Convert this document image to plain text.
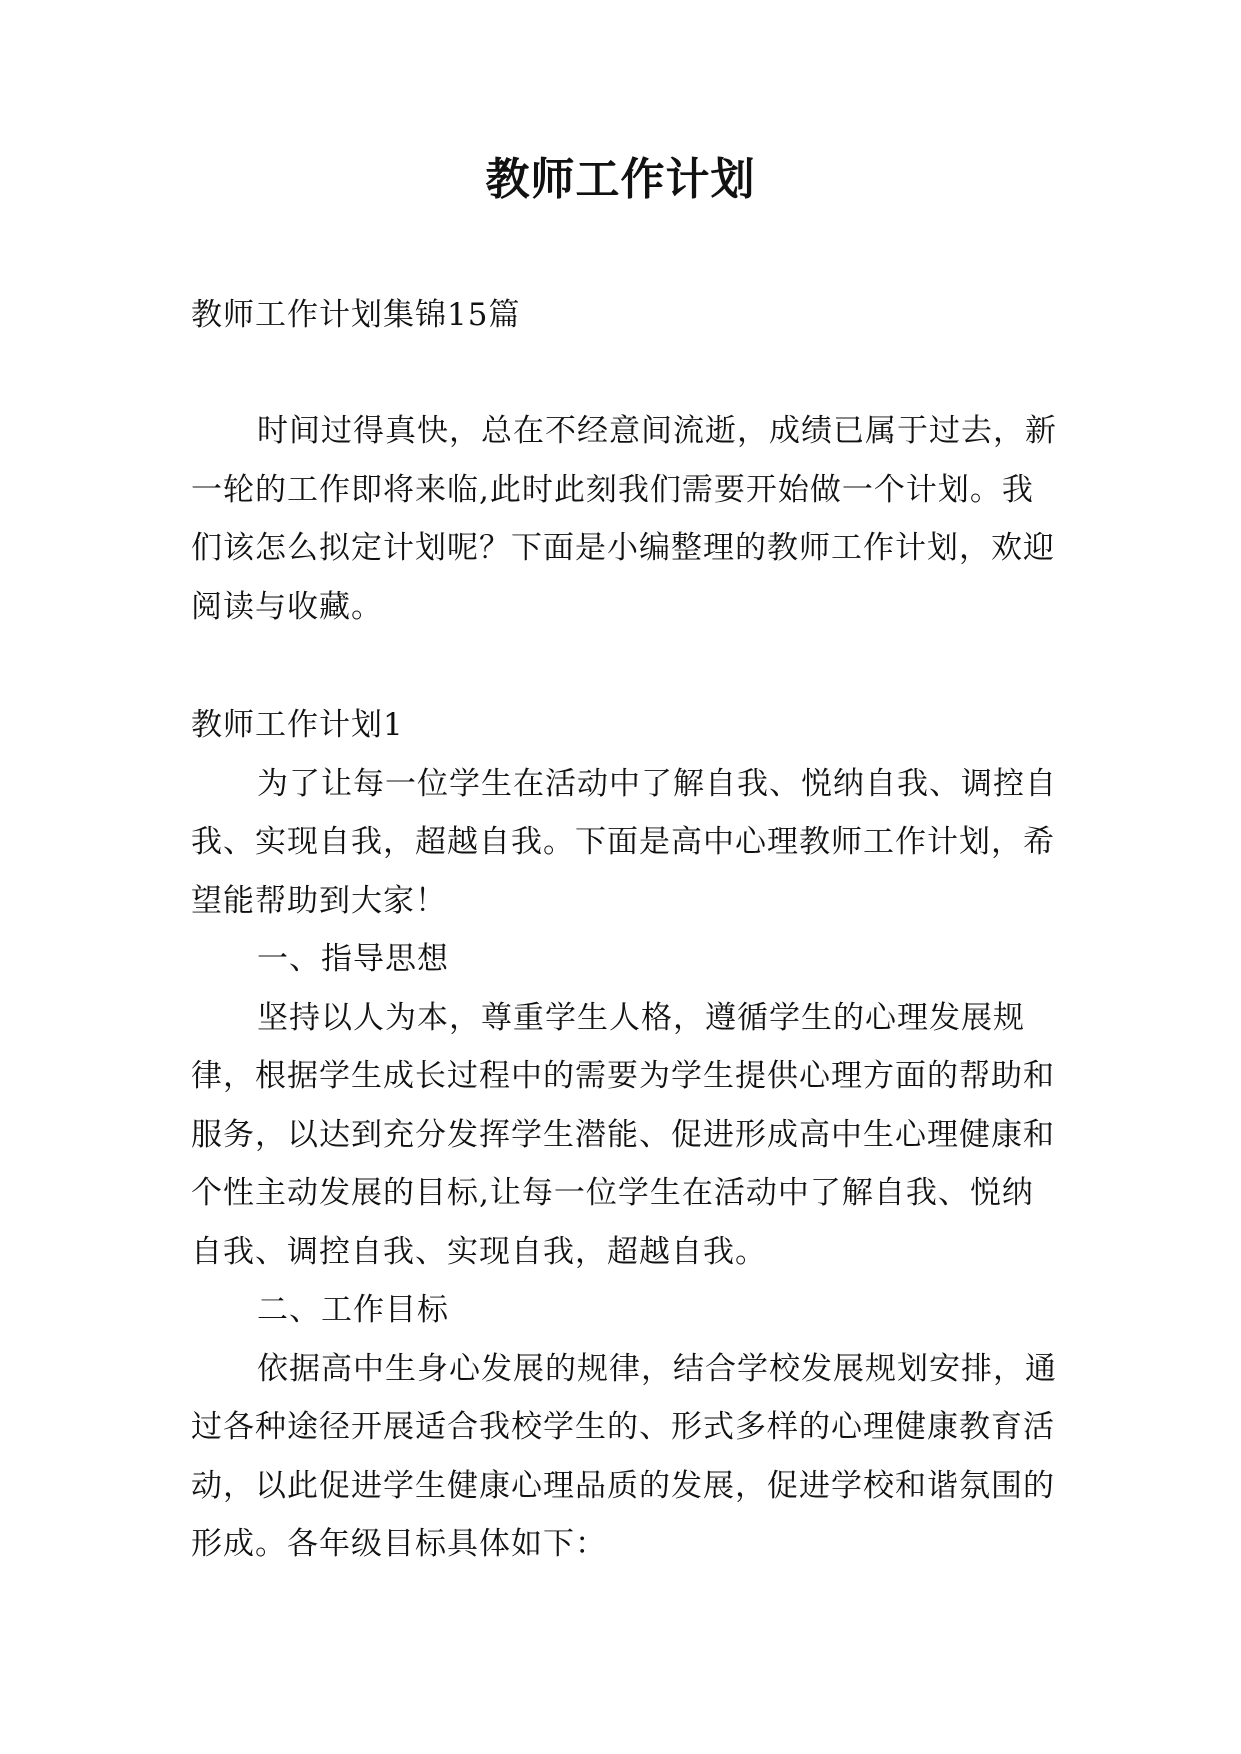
教师工作计划

教师工作计划集锦15篇

时间过得真快，总在不经意间流逝，成绩已属于过去，新一轮的工作即将来临,此时此刻我们需要开始做一个计划。我们该怎么拟定计划呢？下面是小编整理的教师工作计划，欢迎阅读与收藏。

教师工作计划1

为了让每一位学生在活动中了解自我、悦纳自我、调控自我、实现自我，超越自我。下面是高中心理教师工作计划，希望能帮助到大家！

一、指导思想

坚持以人为本，尊重学生人格，遵循学生的心理发展规律，根据学生成长过程中的需要为学生提供心理方面的帮助和服务，以达到充分发挥学生潜能、促进形成高中生心理健康和个性主动发展的目标,让每一位学生在活动中了解自我、悦纳自我、调控自我、实现自我，超越自我。

二、工作目标

依据高中生身心发展的规律，结合学校发展规划安排，通过各种途径开展适合我校学生的、形式多样的心理健康教育活动，以此促进学生健康心理品质的发展，促进学校和谐氛围的形成。各年级目标具体如下：
